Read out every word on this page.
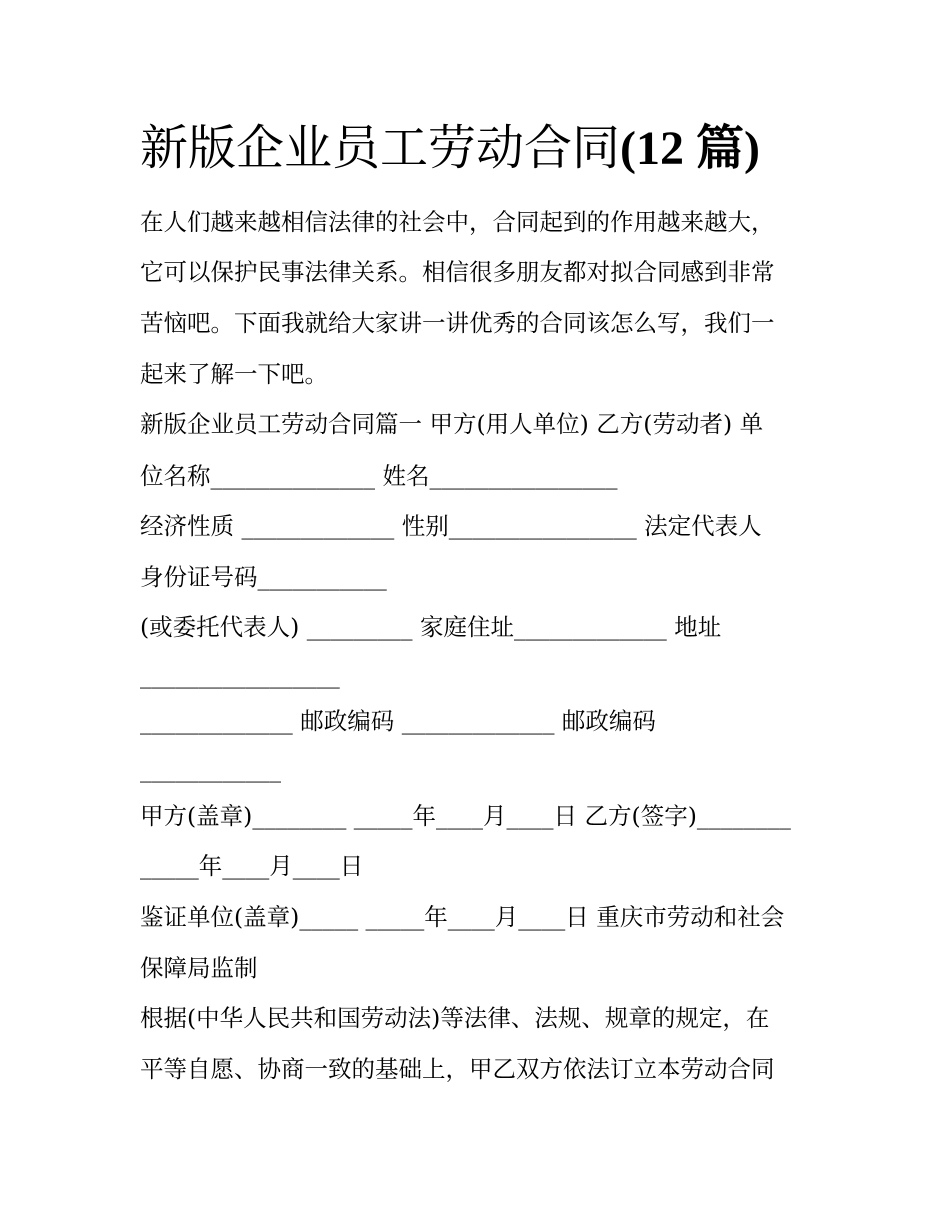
新版企业员工劳动合同(12 篇)

在人们越来越相信法律的社会中，合同起到的作用越来越大，

它可以保护民事法律关系。相信很多朋友都对拟合同感到非常

苦恼吧。下面我就给大家讲一讲优秀的合同该怎么写，我们一

起来了解一下吧。

新版企业员工劳动合同篇一 甲方(用人单位) 乙方(劳动者) 单

位名称______________ 姓名________________

经济性质 _____________ 性别________________ 法定代表人

身份证号码___________

(或委托代表人) _________ 家庭住址_____________ 地址

_________________

_____________ 邮政编码 _____________ 邮政编码

____________

甲方(盖章)________ _____年____月____日 乙方(签字)________

_____年____月____日

鉴证单位(盖章)_____ _____年____月____日 重庆市劳动和社会

保障局监制

根据(中华人民共和国劳动法)等法律、法规、规章的规定，在

平等自愿、协商一致的基础上，甲乙双方依法订立本劳动合同
